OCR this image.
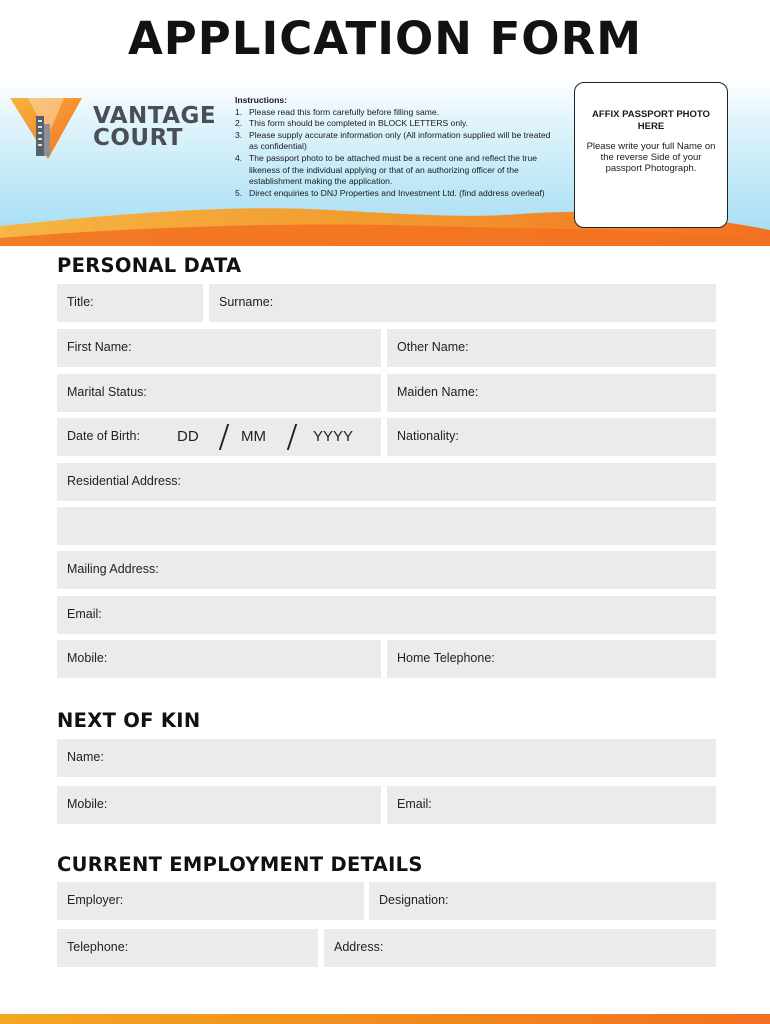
APPLICATION FORM
VANTAGE
COURT
Instructions:
1. Please read this form carefully before filling same.
2. This form should be completed in BLOCK LETTERS only.
3. Please supply accurate information only (All information supplied will be treated as confidential)
4. The passport photo to be attached must be a recent one and reflect the true likeness of the individual applying or that of an authorizing officer of the establishment making the application.
5. Direct enquiries to DNJ Properties and Investment Ltd. (find address overleaf)
AFFIX PASSPORT PHOTO HERE
Please write your full Name on the reverse Side of your passport Photograph.
PERSONAL DATA
Title:	Surname:
First Name:	Other Name:
Marital Status:	Maiden Name:
Date of Birth: DD	MM	YYYY	Nationality:
Residential Address:
Mailing Address:
Email:
Mobile:	Home Telephone:
NEXT OF KIN
Name:
Mobile:	Email:
CURRENT EMPLOYMENT DETAILS
Employer:	Designation:
Telephone:	Address:
